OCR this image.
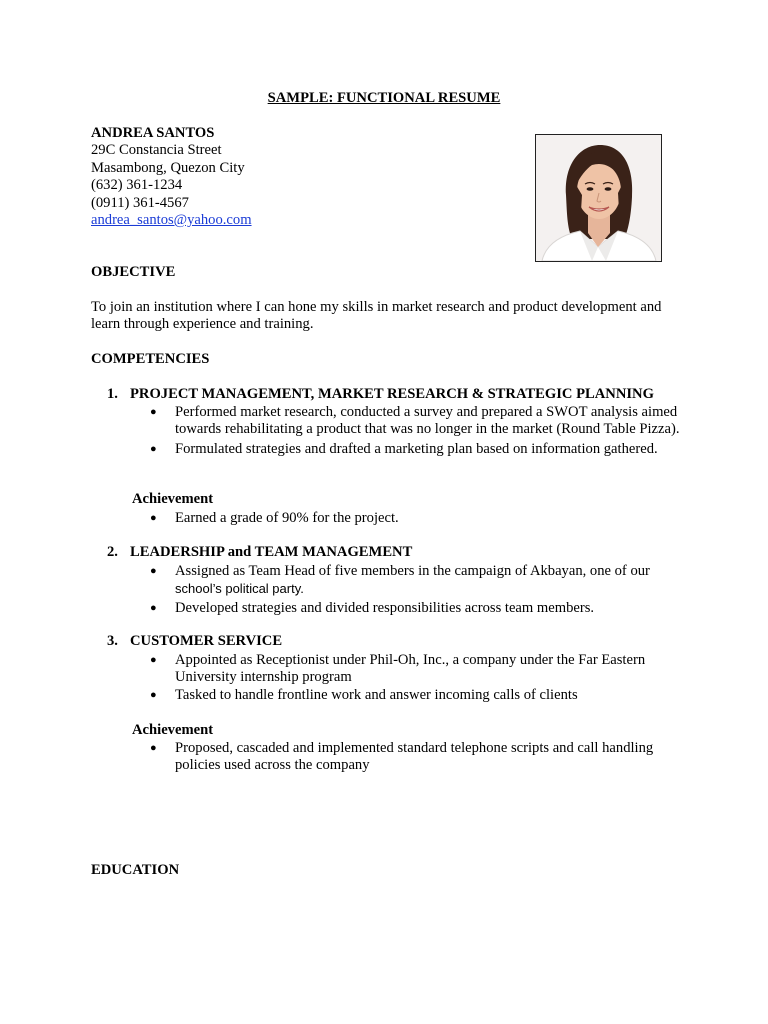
SAMPLE: FUNCTIONAL RESUME

ANDREA SANTOS
29C Constancia Street
Masambong, Quezon City
(632) 361-1234
(0911) 361-4567
andrea_santos@yahoo.com

OBJECTIVE

To join an institution where I can hone my skills in market research and product development and learn through experience and training.

COMPETENCIES

1. PROJECT MANAGEMENT, MARKET RESEARCH & STRATEGIC PLANNING

● Performed market research, conducted a survey and prepared a SWOT analysis aimed towards rehabilitating a product that was no longer in the market (Round Table Pizza).
● Formulated strategies and drafted a marketing plan based on information gathered.

Achievement

● Earned a grade of 90% for the project.

2. LEADERSHIP and TEAM MANAGEMENT

● Assigned as Team Head of five members in the campaign of Akbayan, one of our
school’s political party.
● Developed strategies and divided responsibilities across team members.

3. CUSTOMER SERVICE

● Appointed as Receptionist under Phil-Oh, Inc., a company under the Far Eastern University internship program
● Tasked to handle frontline work and answer incoming calls of clients

Achievement

● Proposed, cascaded and implemented standard telephone scripts and call handling policies used across the company

EDUCATION
